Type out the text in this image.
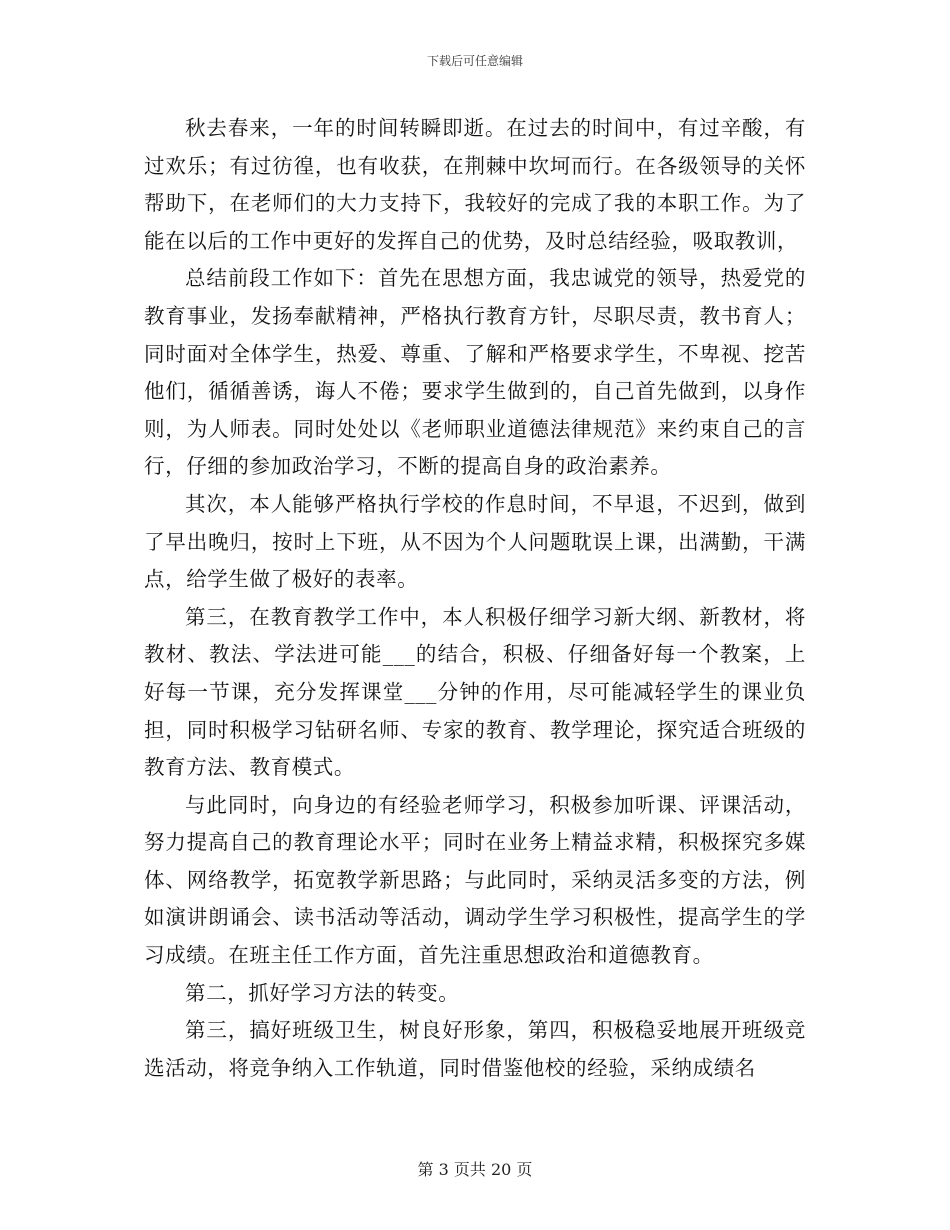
下载后可任意编辑

秋去春来，一年的时间转瞬即逝。在过去的时间中，有过辛酸，有过欢乐；有过彷徨，也有收获，在荆棘中坎坷而行。在各级领导的关怀帮助下，在老师们的大力支持下，我较好的完成了我的本职工作。为了能在以后的工作中更好的发挥自己的优势，及时总结经验，吸取教训，

总结前段工作如下：首先在思想方面，我忠诚党的领导，热爱党的教育事业，发扬奉献精神，严格执行教育方针，尽职尽责，教书育人；同时面对全体学生，热爱、尊重、了解和严格要求学生，不卑视、挖苦他们，循循善诱，诲人不倦；要求学生做到的，自己首先做到，以身作则，为人师表。同时处处以《老师职业道德法律规范》来约束自己的言行，仔细的参加政治学习，不断的提高自身的政治素养。

其次，本人能够严格执行学校的作息时间，不早退，不迟到，做到了早出晚归，按时上下班，从不因为个人问题耽误上课，出满勤，干满点，给学生做了极好的表率。

第三，在教育教学工作中，本人积极仔细学习新大纲、新教材，将教材、教法、学法进可能___的结合，积极、仔细备好每一个教案，上好每一节课，充分发挥课堂___分钟的作用，尽可能减轻学生的课业负担，同时积极学习钻研名师、专家的教育、教学理论，探究适合班级的教育方法、教育模式。

与此同时，向身边的有经验老师学习，积极参加听课、评课活动，努力提高自己的教育理论水平；同时在业务上精益求精，积极探究多媒体、网络教学，拓宽教学新思路；与此同时，采纳灵活多变的方法，例如演讲朗诵会、读书活动等活动，调动学生学习积极性，提高学生的学习成绩。在班主任工作方面，首先注重思想政治和道德教育。

第二，抓好学习方法的转变。

第三，搞好班级卫生，树良好形象，第四，积极稳妥地展开班级竞选活动，将竞争纳入工作轨道，同时借鉴他校的经验，采纳成绩名

第 3 页共 20 页
